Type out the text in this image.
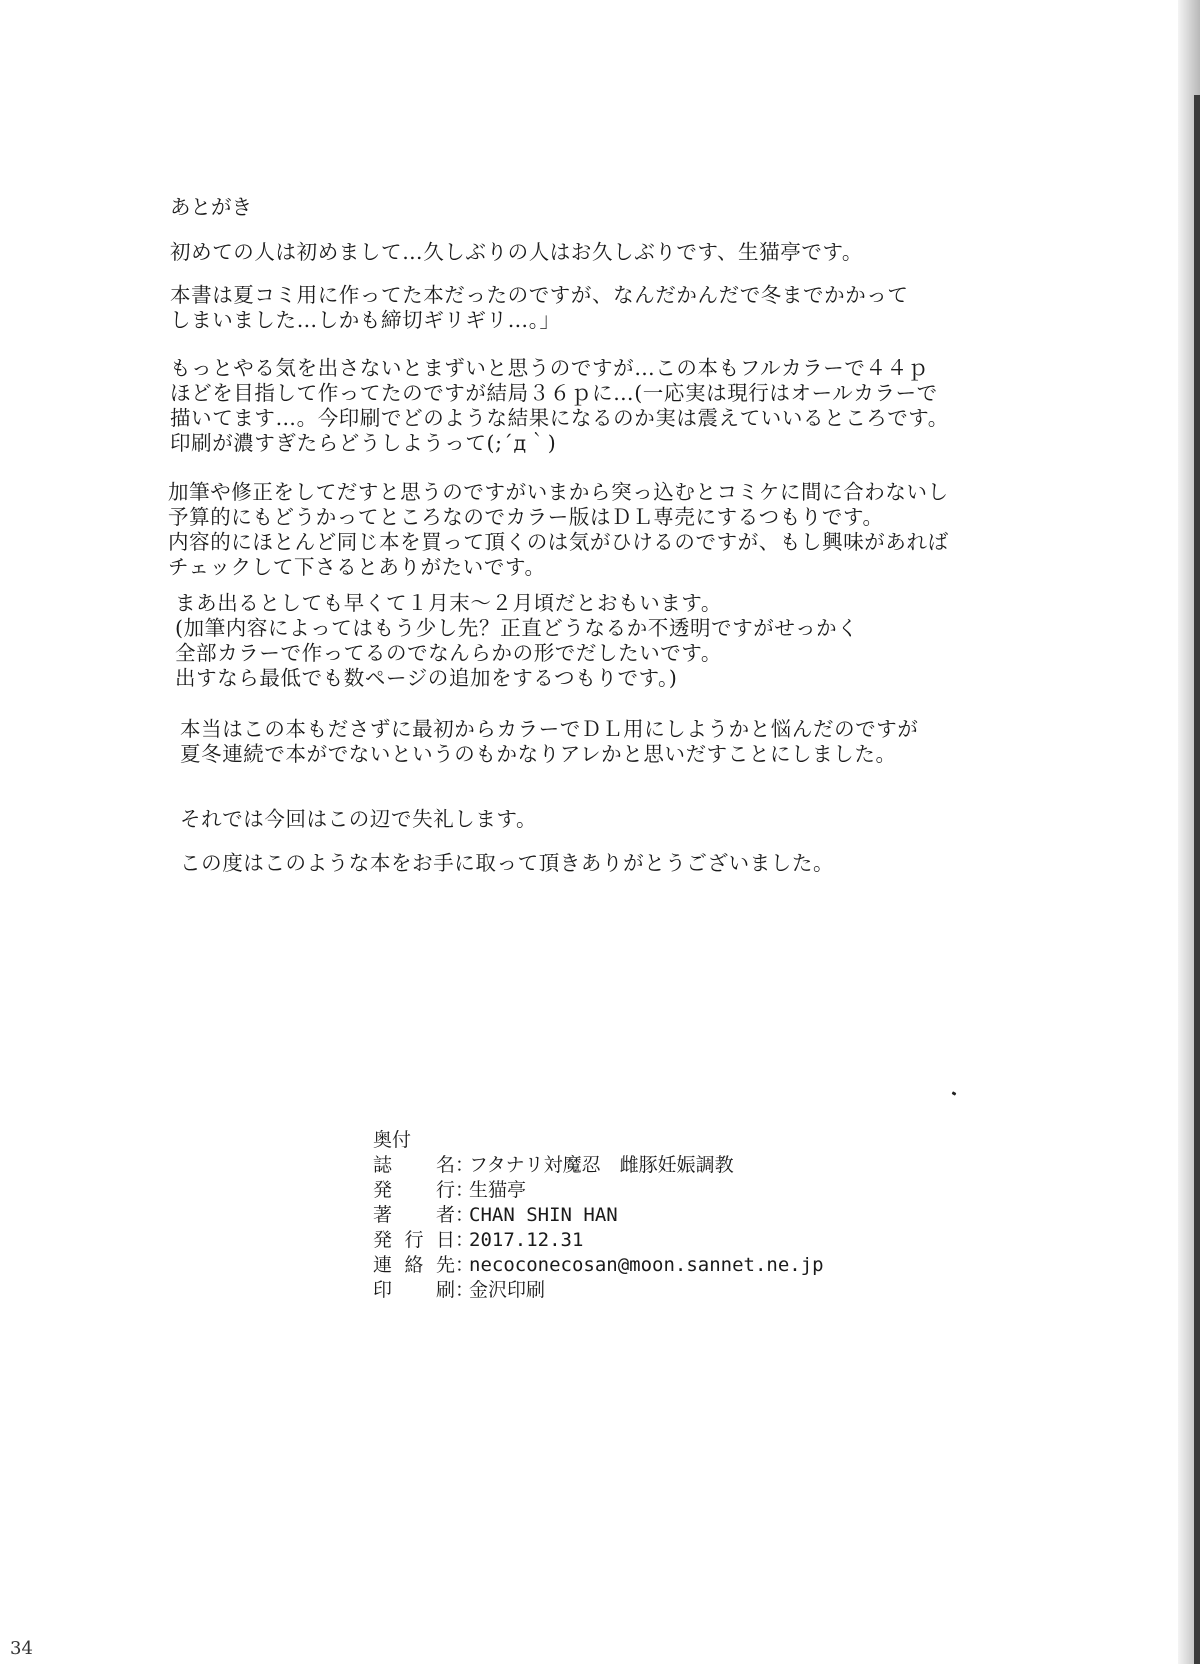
あとがき
初めての人は初めまして…久しぶりの人はお久しぶりです、生猫亭です。
本書は夏コミ用に作ってた本だったのですが、なんだかんだで冬までかかって
しまいました…しかも締切ギリギリ…。」
もっとやる気を出さないとまずいと思うのですが…この本もフルカラーで４４ｐ
ほどを目指して作ってたのですが結局３６ｐに…(一応実は現行はオールカラーで
描いてます…。今印刷でどのような結果になるのか実は震えていいるところです。
印刷が濃すぎたらどうしようって(;´д｀)
加筆や修正をしてだすと思うのですがいまから突っ込むとコミケに間に合わないし
予算的にもどうかってところなのでカラー版はＤＬ専売にするつもりです。
内容的にほとんど同じ本を買って頂くのは気がひけるのですが、もし興味があれば
チェックして下さるとありがたいです。
まあ出るとしても早くて１月末～２月頃だとおもいます。
(加筆内容によってはもう少し先？正直どうなるか不透明ですがせっかく
全部カラーで作ってるのでなんらかの形でだしたいです。
出すなら最低でも数ページの追加をするつもりです。)
本当はこの本もださずに最初からカラーでＤＬ用にしようかと悩んだのですが
夏冬連続で本がでないというのもかなりアレかと思いだすことにしました。
それでは今回はこの辺で失礼します。
この度はこのような本をお手に取って頂きありがとうございました。
奥付
誌　名：フタナリ対魔忍　雌豚妊娠調教
発　行：生猫亭
著　者：CHAN SHIN HAN
発行日：2017.12.31
連絡先：necoconecosan@moon.sannet.ne.jp
印　刷：金沢印刷
34
